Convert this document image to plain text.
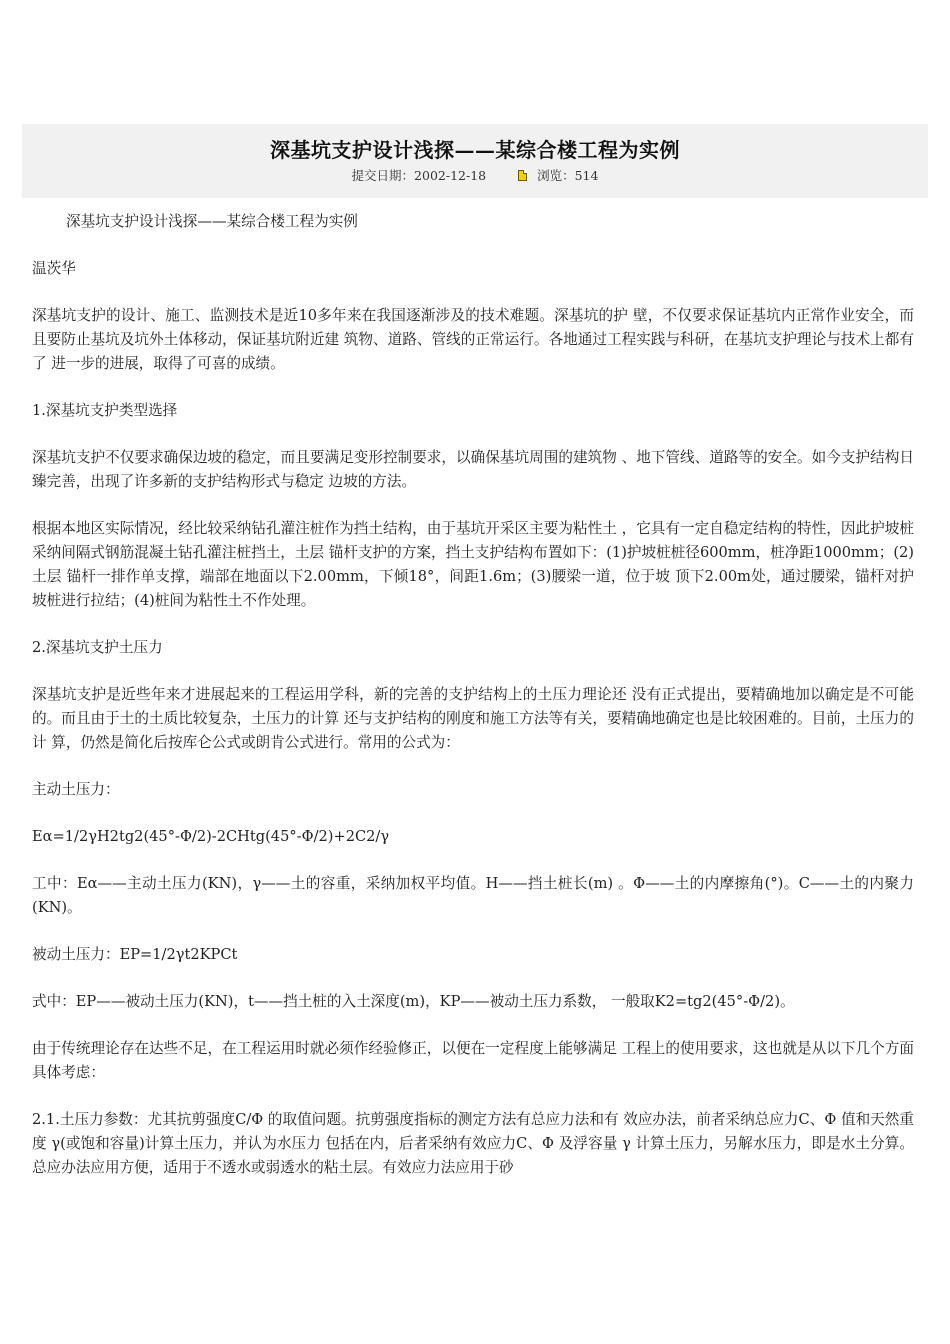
深基坑支护设计浅探——某综合楼工程为实例
提交日期：2002-12-18	浏览：514

深基坑支护设计浅探——某综合楼工程为实例

温茨华

深基坑支护的设计、施工、监测技术是近10多年来在我国逐渐涉及的技术难题。深基坑的护 壁，不仅要求保证基坑内正常作业安全，而且要防止基坑及坑外土体移动，保证基坑附近建 筑物、道路、管线的正常运行。各地通过工程实践与科研，在基坑支护理论与技术上都有了 进一步的进展，取得了可喜的成绩。

1.深基坑支护类型选择

深基坑支护不仅要求确保边坡的稳定，而且要满足变形控制要求，以确保基坑周围的建筑物 、地下管线、道路等的安全。如今支护结构日臻完善，出现了许多新的支护结构形式与稳定 边坡的方法。

根据本地区实际情况，经比较采纳钻孔灌注桩作为挡土结构，由于基坑开采区主要为粘性土 ，它具有一定自稳定结构的特性，因此护坡桩采纳间隔式钢筋混凝土钻孔灌注桩挡土，土层 锚杆支护的方案，挡土支护结构布置如下：(1)护坡桩桩径600mm，桩净距1000mm；(2)土层 锚杆一排作单支撑，端部在地面以下2.00mm，下倾18°，间距1.6m；(3)腰梁一道，位于坡 顶下2.00m处，通过腰梁，锚杆对护坡桩进行拉结；(4)桩间为粘性土不作处理。

2.深基坑支护土压力

深基坑支护是近些年来才进展起来的工程运用学科，新的完善的支护结构上的土压力理论还 没有正式提出，要精确地加以确定是不可能的。而且由于土的土质比较复杂，土压力的计算 还与支护结构的刚度和施工方法等有关，要精确地确定也是比较困难的。目前，土压力的计 算，仍然是简化后按库仑公式或朗肯公式进行。常用的公式为：

主动土压力：

Eα=1/2γH2tg2(45°-Φ/2)-2CHtg(45°-Φ/2)+2C2/γ

工中：Eα——主动土压力(KN)，γ——土的容重，采纳加权平均值。H——挡土桩长(m) 。Φ——土的内摩擦角(°)。C——土的内聚力(KN)。

被动土压力：EP=1/2γt2KPCt

式中：EP——被动土压力(KN)，t——挡土桩的入土深度(m)，KP——被动土压力系数， 一般取K2=tg2(45°-Φ/2)。

由于传统理论存在达些不足，在工程运用时就必须作经验修正，以便在一定程度上能够满足 工程上的使用要求，这也就是从以下几个方面具体考虑：

2.1.土压力参数：尤其抗剪强度C/Φ 的取值问题。抗剪强度指标的测定方法有总应力法和有 效应办法，前者采纳总应力C、Φ 值和天然重度 γ(或饱和容量)计算土压力，并认为水压力 包括在内，后者采纳有效应力C、Φ 及浮容量 γ 计算土压力，另解水压力，即是水土分算。 总应办法应用方便，适用于不透水或弱透水的粘土层。有效应力法应用于砂
